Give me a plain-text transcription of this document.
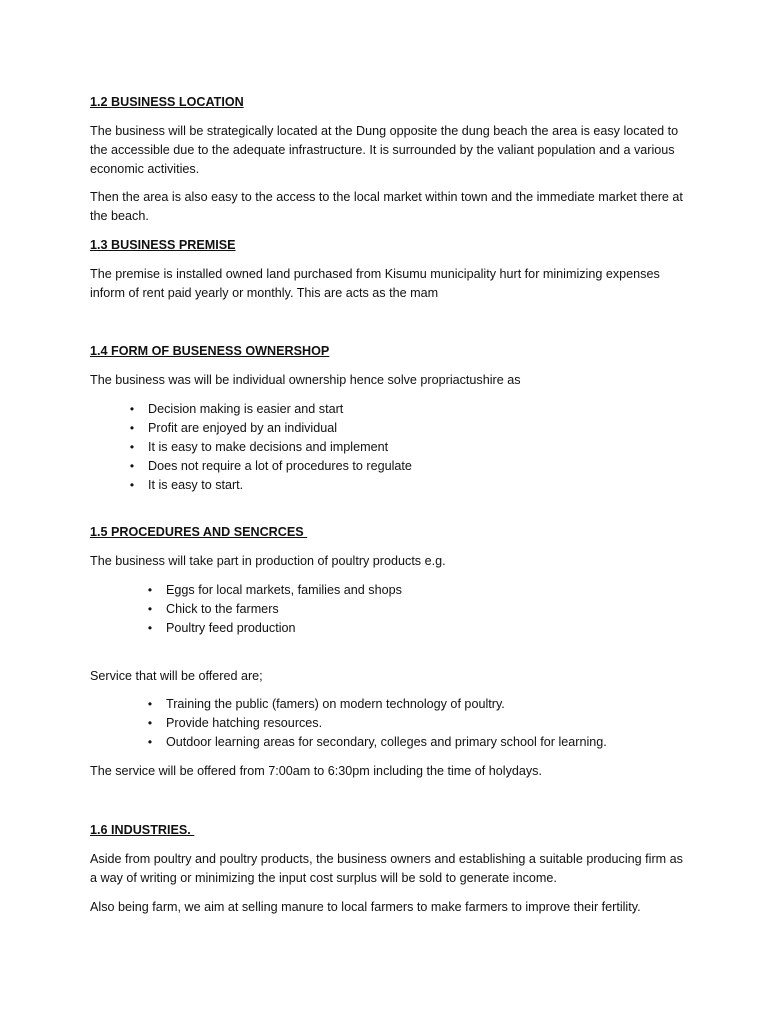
1.2 BUSINESS LOCATION

The business will be strategically located at the Dung opposite the dung beach the area is easy located to the accessible due to the adequate infrastructure. It is surrounded by the valiant population and a various economic activities.

Then the area is also easy to the access to the local market within town and the immediate market there at the beach.

1.3 BUSINESS PREMISE

The premise is installed owned land purchased from Kisumu municipality hurt for minimizing expenses inform of rent paid yearly or monthly. This are acts as the mam

1.4 FORM OF BUSENESS OWNERSHOP

The business was will be individual ownership hence solve propriactushire as

•	Decision making is easier and start
•	Profit are enjoyed by an individual
•	It is easy to make decisions and implement
•	Does not require a lot of procedures to regulate
•	It is easy to start.
1.5 PROCEDURES AND SENCRCES

The business will take part in production of poultry products e.g.

•	Eggs for local markets, families and shops
•	Chick to the farmers
•	Poultry feed production

Service that will be offered are;

•	Training the public (famers) on modern technology of poultry.
•	Provide hatching resources.
•	Outdoor learning areas for secondary, colleges and primary school for learning.

The service will be offered from 7:00am to 6:30pm including the time of holydays.

1.6 INDUSTRIES.

Aside from poultry and poultry products, the business owners and establishing a suitable producing firm as a way of writing or minimizing the input cost surplus will be sold to generate income.

Also being farm, we aim at selling manure to local farmers to make farmers to improve their fertility.
